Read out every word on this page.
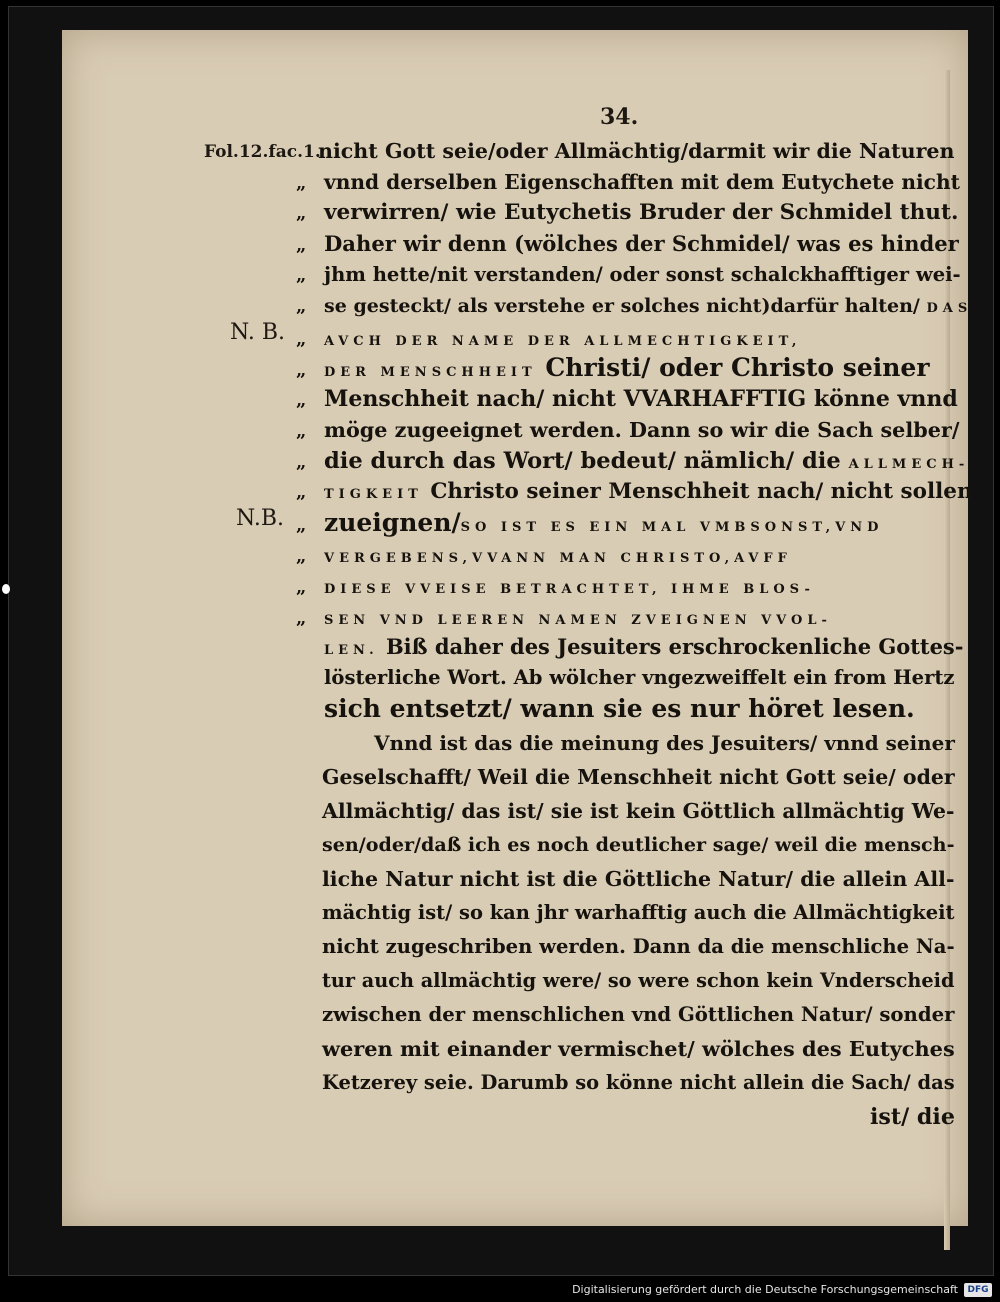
34.
Fol.12.fac.1.
N. B.
N.B.
nicht Gott seie/oder Allmächtig/darmit wir die Naturen
„ vnnd derselben Eigenschafften mit dem Eutychete nicht
„ verwirren/ wie Eutychetis Bruder der Schmidel thut.
„ Daher wir denn (wölches der Schmidel/ was es hinder
„ jhm hette/nit verstanden/ oder sonst schalckhafftiger wei-
„ se gesteckt/ als verstehe er solches nicht)darfür halten/ DAS
„ AVCH DER NAME DER ALLMECHTIGKEIT,
„ DER MENSCHHEIT Christi/ oder Christo seiner
„ Menschheit nach/ nicht VVARHAFFTIG könne vnnd
„ möge zugeeignet werden. Dann so wir die Sach selber/
„ die durch das Wort/ bedeut/ nämlich/ die ALLMECH-
„ TIGKEIT Christo seiner Menschheit nach/ nicht sollen
„ zueignen/SO IST ES EIN MAL VMBSONST,VND
„ VERGEBENS,VVANN MAN CHRISTO,AVFF
„ DIESE VVEISE BETRACHTET, IHME BLOS-
„ SEN VND LEEREN NAMEN ZVEIGNEN VVOL-
LEN. Biß daher des Jesuiters erschrockenliche Gottes-
lösterliche Wort. Ab wölcher vngezweiffelt ein from Hertz
sich entsetzt/ wann sie es nur höret lesen.
Vnnd ist das die meinung des Jesuiters/ vnnd seiner
Geselschafft/ Weil die Menschheit nicht Gott seie/ oder
Allmächtig/ das ist/ sie ist kein Göttlich allmächtig We-
sen/oder/daß ich es noch deutlicher sage/ weil die mensch-
liche Natur nicht ist die Göttliche Natur/ die allein All-
mächtig ist/ so kan jhr warhafftig auch die Allmächtigkeit
nicht zugeschriben werden. Dann da die menschliche Na-
tur auch allmächtig were/ so were schon kein Vnderscheid
zwischen der menschlichen vnd Göttlichen Natur/ sonder
weren mit einander vermischet/ wölches des Eutyches
Ketzerey seie. Darumb so könne nicht allein die Sach/ das
ist/ die
Digitalisierung gefördert durch die Deutsche Forschungsgemeinschaft	DFG
